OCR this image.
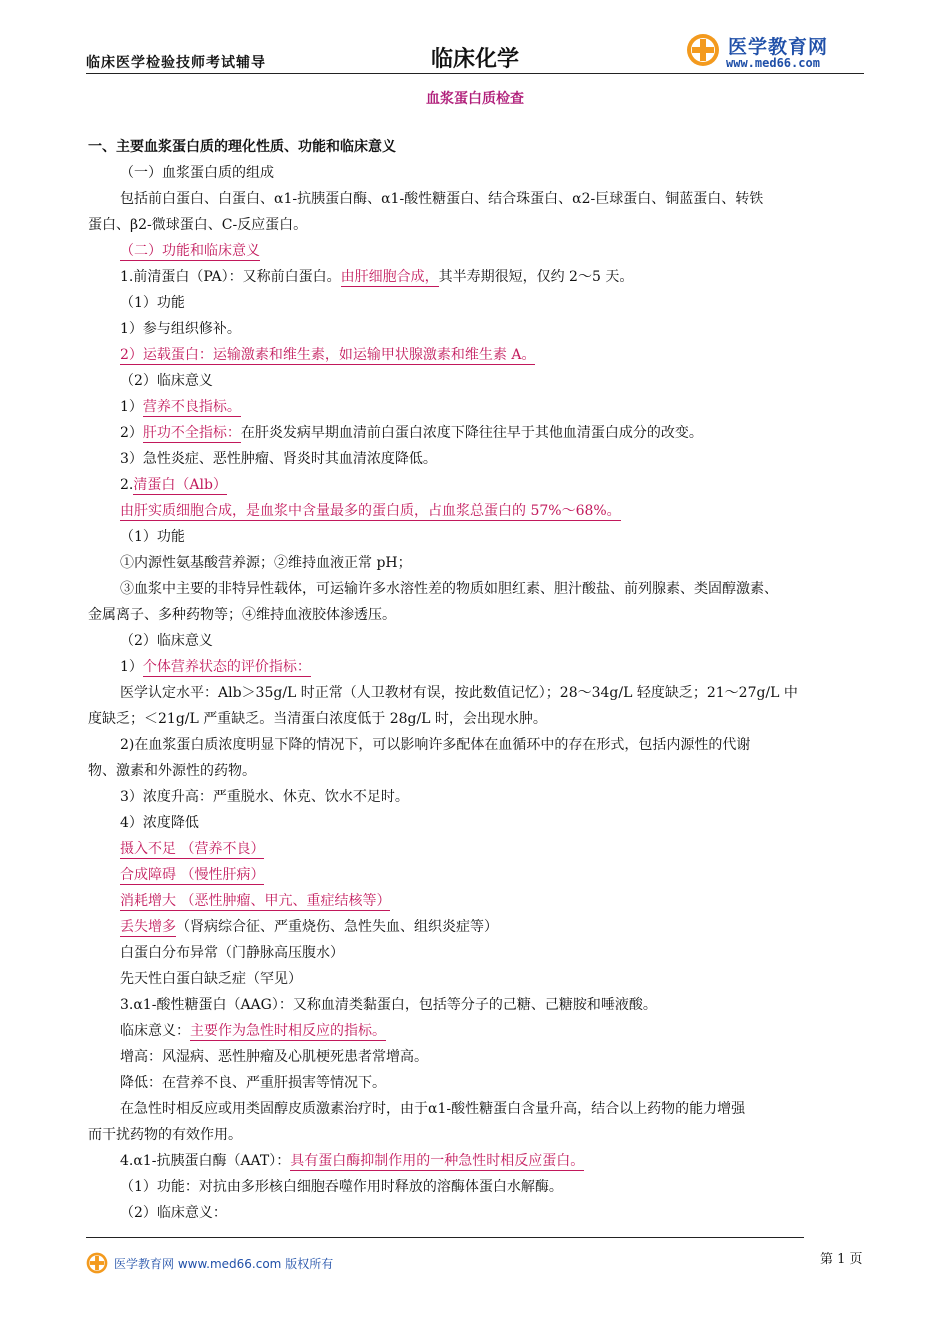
临床医学检验技师考试辅导	临床化学	医学教育网
www.med66.com
血浆蛋白质检查
一、主要血浆蛋白质的理化性质、功能和临床意义
（一）血浆蛋白质的组成
包括前白蛋白、白蛋白、α1-抗胰蛋白酶、α1-酸性糖蛋白、结合珠蛋白、α2-巨球蛋白、铜蓝蛋白、转铁
蛋白、β2-微球蛋白、C-反应蛋白。
（二）功能和临床意义
1.前清蛋白（PA）：又称前白蛋白。由肝细胞合成，其半寿期很短，仅约 2～5 天。
（1）功能
1）参与组织修补。
2）运载蛋白：运输激素和维生素，如运输甲状腺激素和维生素 A。
（2）临床意义
1）营养不良指标。
2）肝功不全指标：在肝炎发病早期血清前白蛋白浓度下降往往早于其他血清蛋白成分的改变。
3）急性炎症、恶性肿瘤、肾炎时其血清浓度降低。
2.清蛋白（Alb）
由肝实质细胞合成，是血浆中含量最多的蛋白质，占血浆总蛋白的 57%～68%。
（1）功能
①内源性氨基酸营养源；②维持血液正常 pH；
③血浆中主要的非特异性载体，可运输许多水溶性差的物质如胆红素、胆汁酸盐、前列腺素、类固醇激素、
金属离子、多种药物等；④维持血液胶体渗透压。
（2）临床意义
1）个体营养状态的评价指标：
医学认定水平：Alb＞35g/L 时正常（人卫教材有误，按此数值记忆）；28～34g/L 轻度缺乏；21～27g/L 中
度缺乏；＜21g/L 严重缺乏。当清蛋白浓度低于 28g/L 时，会出现水肿。
2)在血浆蛋白质浓度明显下降的情况下，可以影响许多配体在血循环中的存在形式，包括内源性的代谢
物、激素和外源性的药物。
3）浓度升高：严重脱水、休克、饮水不足时。
4）浓度降低
摄入不足 （营养不良）
合成障碍 （慢性肝病）
消耗增大 （恶性肿瘤、甲亢、重症结核等）
丢失增多（肾病综合征、严重烧伤、急性失血、组织炎症等）
白蛋白分布异常（门静脉高压腹水）
先天性白蛋白缺乏症（罕见）
3.α1-酸性糖蛋白（AAG）：又称血清类黏蛋白，包括等分子的己糖、己糖胺和唾液酸。
临床意义：主要作为急性时相反应的指标。
增高：风湿病、恶性肿瘤及心肌梗死患者常增高。
降低：在营养不良、严重肝损害等情况下。
在急性时相反应或用类固醇皮质激素治疗时，由于α1-酸性糖蛋白含量升高，结合以上药物的能力增强
而干扰药物的有效作用。
4.α1-抗胰蛋白酶（AAT）：具有蛋白酶抑制作用的一种急性时相反应蛋白。
（1）功能：对抗由多形核白细胞吞噬作用时释放的溶酶体蛋白水解酶。
（2）临床意义：
医学教育网 www.med66.com 版权所有	第 1 页
